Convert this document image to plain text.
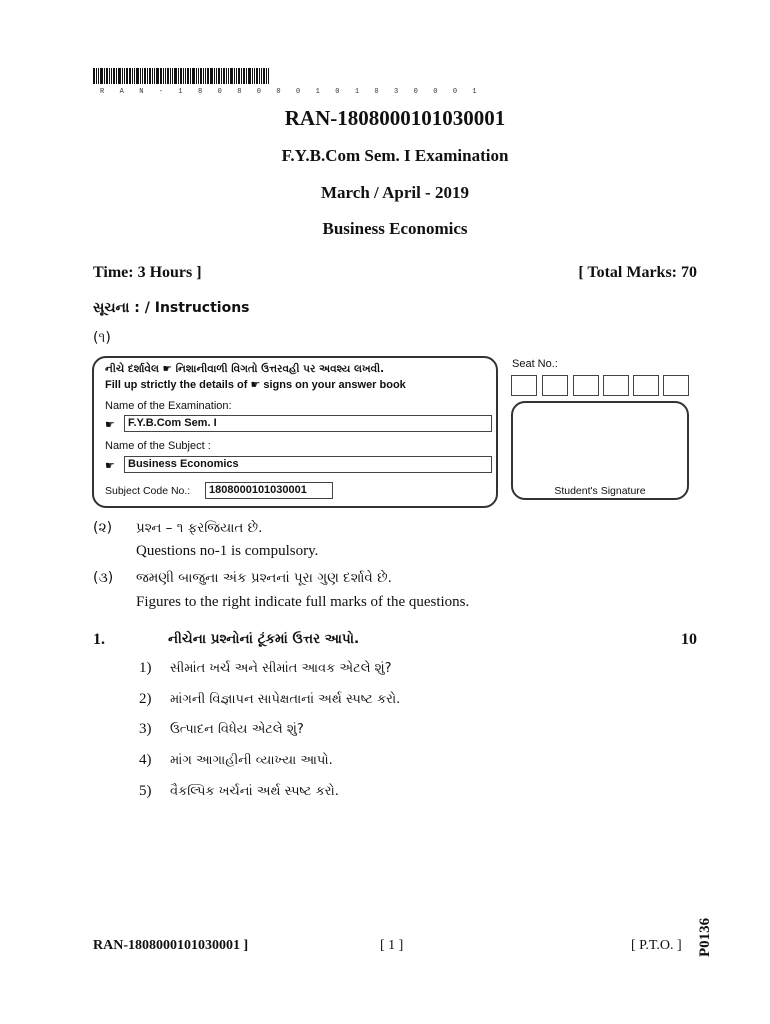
R A N - 1 8 0 8 0 0 0 1 0 1 0 3 0 0 0 1
RAN-1808000101030001
F.Y.B.Com Sem. I Examination
March / April - 2019
Business Economics
Time: 3 Hours ]	[ Total Marks: 70
સૂચના : / Instructions
(૧)
નીચે દર્શાવેલ ☛ નિશાનીવાળી વિગતો ઉત્તરવહી પર અવશ્ય લખવી.
Fill up strictly the details of ☛ signs on your answer book
Name of the Examination:
☛	F.Y.B.Com Sem. I
Name of the Subject :
☛	Business Economics
Subject Code No.:	1808000101030001
Seat No.:
Student's Signature
(૨) પ્રશ્ન – ૧ ફરજિયાત છે.
Questions no-1 is compulsory.
(૩) જમણી બાજુના અંક પ્રશ્નનાં પૂરા ગુણ દર્શાવે છે.
Figures to the right indicate full marks of the questions.
1.	નીચેના પ્રશ્નોનાં ટૂંકમાં ઉત્તર આપો.	10
1) સીમાંત ખર્ચ અને સીમાંત આવક એટલે શું?
2) માંગની વિજ્ઞાપન સાપેક્ષતાનાં અર્થ સ્પષ્ટ કરો.
3) ઉત્પાદન વિધેય એટલે શું?
4) માંગ આગાહીની વ્યાખ્યા આપો.
5) વૈકલ્પિક ખર્ચનાં અર્થ સ્પષ્ટ કરો.
RAN-1808000101030001 ]	[ 1 ]	[ P.T.O. ] P0136
